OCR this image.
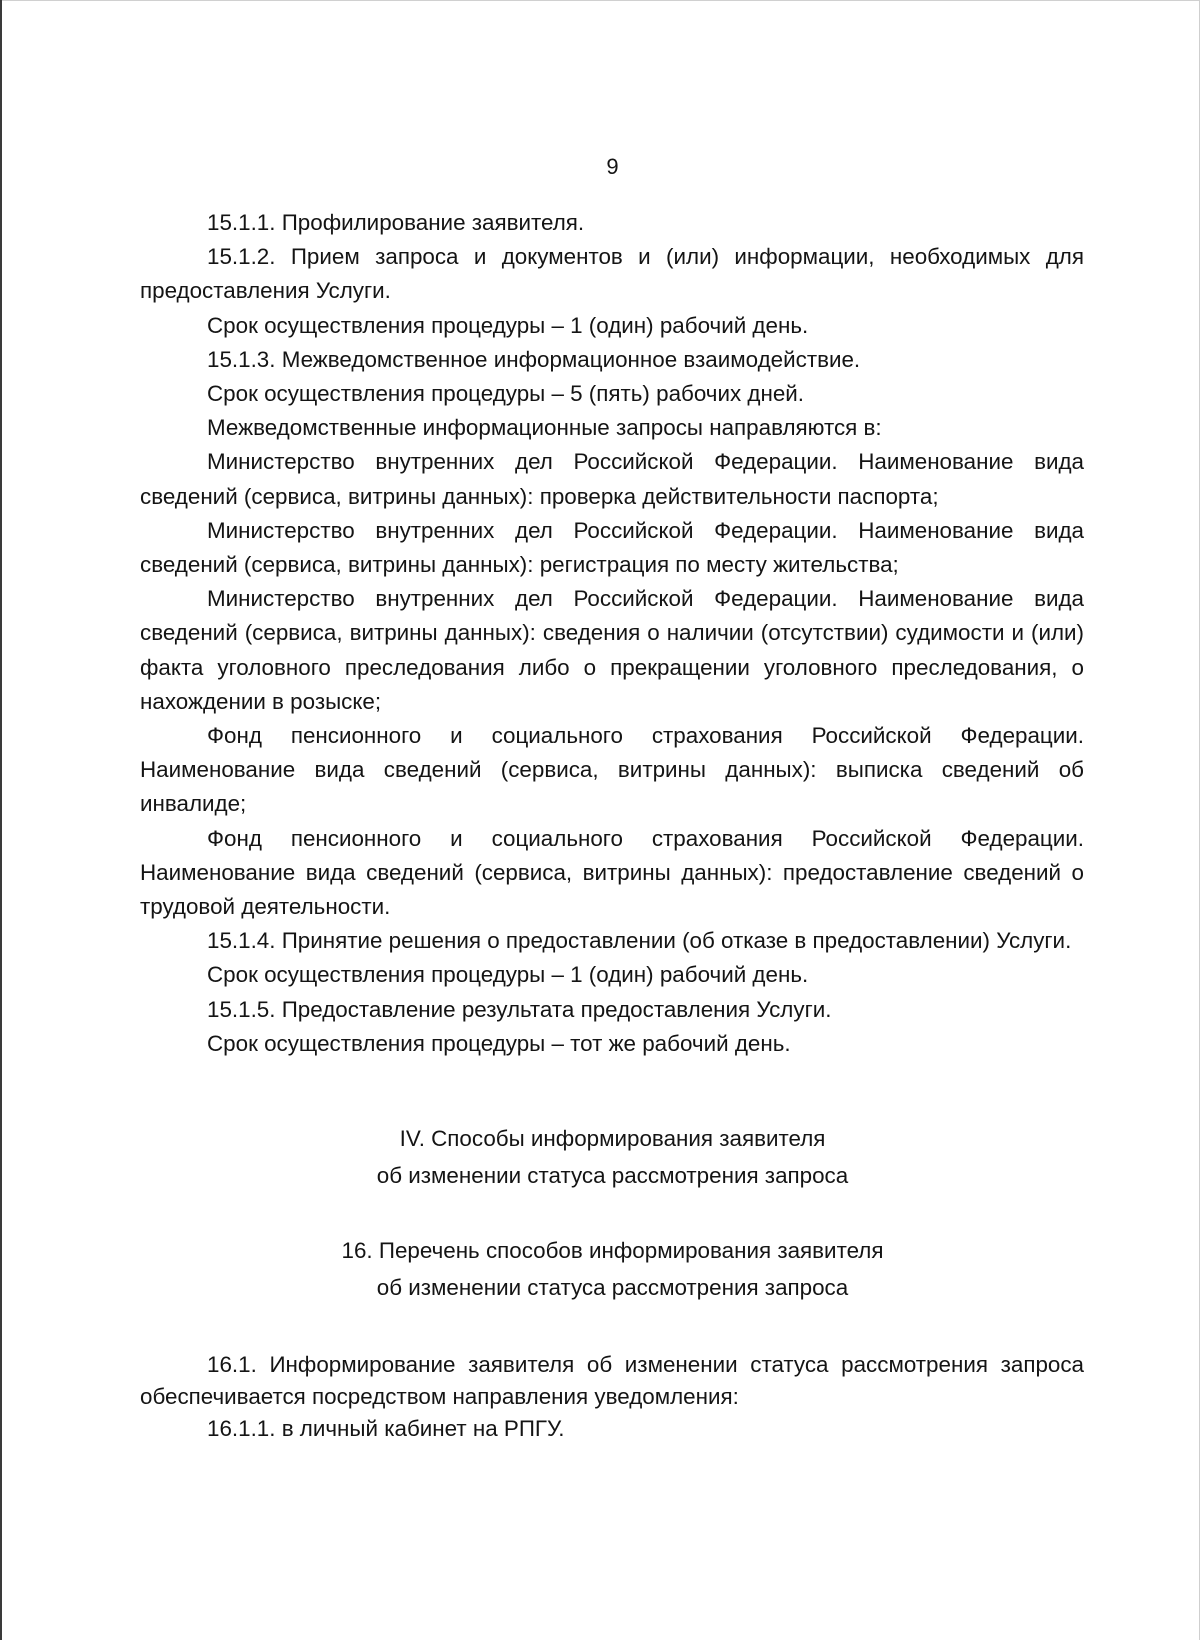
9

15.1.1. Профилирование заявителя.

15.1.2. Прием запроса и документов и (или) информации, необходимых для предоставления Услуги.

Срок осуществления процедуры – 1 (один) рабочий день.

15.1.3. Межведомственное информационное взаимодействие.

Срок осуществления процедуры – 5 (пять) рабочих дней.

Межведомственные информационные запросы направляются в:

Министерство внутренних дел Российской Федерации. Наименование вида сведений (сервиса, витрины данных): проверка действительности паспорта;

Министерство внутренних дел Российской Федерации. Наименование вида сведений (сервиса, витрины данных): регистрация по месту жительства;

Министерство внутренних дел Российской Федерации. Наименование вида сведений (сервиса, витрины данных): сведения о наличии (отсутствии) судимости и (или) факта уголовного преследования либо о прекращении уголовного преследования, о нахождении в розыске;

Фонд пенсионного и социального страхования Российской Федерации. Наименование вида сведений (сервиса, витрины данных): выписка сведений об инвалиде;

Фонд пенсионного и социального страхования Российской Федерации. Наименование вида сведений (сервиса, витрины данных): предоставление сведений о трудовой деятельности.

15.1.4. Принятие решения о предоставлении (об отказе в предоставлении) Услуги.

Срок осуществления процедуры – 1 (один) рабочий день.

15.1.5. Предоставление результата предоставления Услуги.

Срок осуществления процедуры – тот же рабочий день.

IV. Способы информирования заявителя
об изменении статуса рассмотрения запроса
16. Перечень способов информирования заявителя
об изменении статуса рассмотрения запроса

16.1. Информирование заявителя об изменении статуса рассмотрения запроса обеспечивается посредством направления уведомления:

16.1.1. в личный кабинет на РПГУ.
